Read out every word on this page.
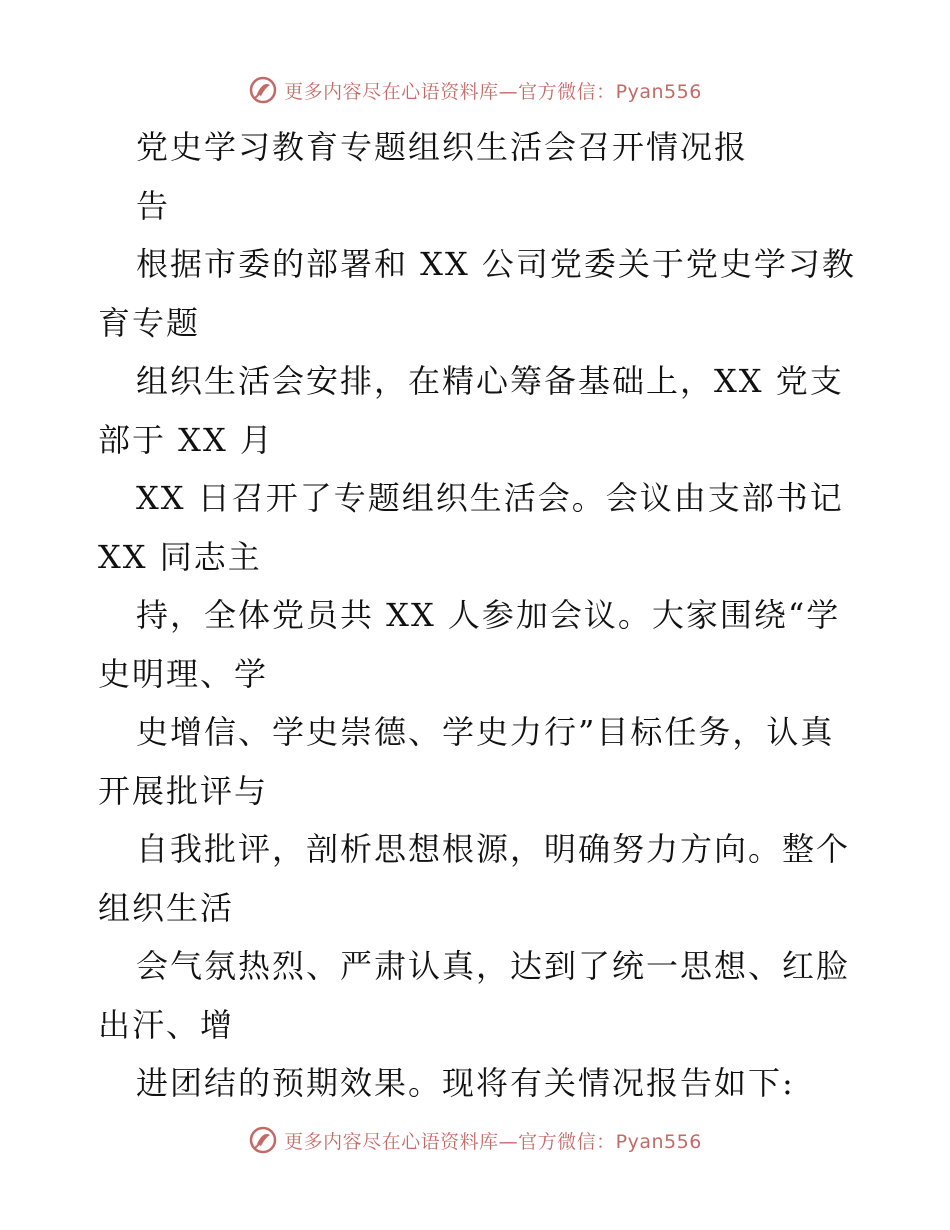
更多内容尽在心语资料库—官方微信：Pyan556
党史学习教育专题组织生活会召开情况报
告
根据市委的部署和 XX 公司党委关于党史学习教
育专题
组织生活会安排，在精心筹备基础上，XX 党支
部于 XX 月
XX 日召开了专题组织生活会。会议由支部书记
XX 同志主
持，全体党员共 XX 人参加会议。大家围绕“学
史明理、学
史增信、学史崇德、学史力行”目标任务，认真
开展批评与
自我批评，剖析思想根源，明确努力方向。整个
组织生活
会气氛热烈、严肃认真，达到了统一思想、红脸
出汗、增
进团结的预期效果。现将有关情况报告如下:
更多内容尽在心语资料库—官方微信：Pyan556
